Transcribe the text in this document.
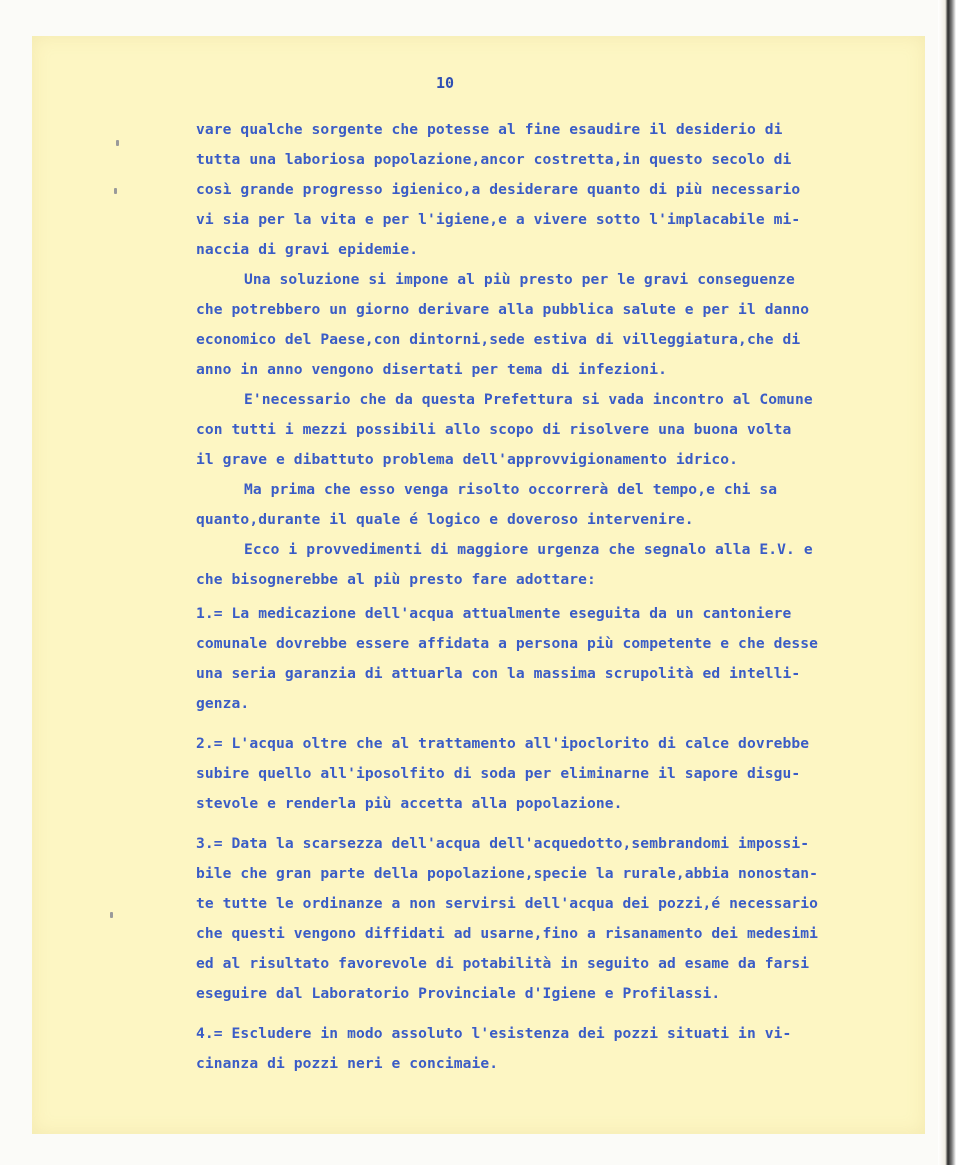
10
vare qualche sorgente che potesse al fine esaudire il desiderio di
tutta una laboriosa popolazione,ancor costretta,in questo secolo di
così grande progresso igienico,a desiderare quanto di più necessario
vi sia per la vita e per l'igiene,e a vivere sotto l'implacabile mi-
naccia di gravi epidemie.
Una soluzione si impone al più presto per le gravi conseguenze
che potrebbero un giorno derivare alla pubblica salute e per il danno
economico del Paese,con dintorni,sede estiva di villeggiatura,che di
anno in anno vengono disertati per tema di infezioni.
E'necessario che da questa Prefettura si vada incontro al Comune
con tutti i mezzi possibili allo scopo di risolvere una buona volta
il grave e dibattuto problema dell'approvvigionamento idrico.
Ma prima che esso venga risolto occorrerà del tempo,e chi sa
quanto,durante il quale é logico e doveroso intervenire.
Ecco i provvedimenti di maggiore urgenza che segnalo alla E.V. e
che bisognerebbe al più presto fare adottare:
1.= La medicazione dell'acqua attualmente eseguita da un cantoniere
comunale dovrebbe essere affidata a persona più competente e che desse
una seria garanzia di attuarla con la massima scrupolità ed intelli-
genza.
2.= L'acqua oltre che al trattamento all'ipoclorito di calce dovrebbe
subire quello all'iposolfito di soda per eliminarne il sapore disgu-
stevole e renderla più accetta alla popolazione.
3.= Data la scarsezza dell'acqua dell'acquedotto,sembrandomi impossi-
bile che gran parte della popolazione,specie la rurale,abbia nonostan-
te tutte le ordinanze a non servirsi dell'acqua dei pozzi,é necessario
che questi vengono diffidati ad usarne,fino a risanamento dei medesimi
ed al risultato favorevole di potabilità in seguito ad esame da farsi
eseguire dal Laboratorio Provinciale d'Igiene e Profilassi.
4.= Escludere in modo assoluto l'esistenza dei pozzi situati in vi-
cinanza di pozzi neri e concimaie.
